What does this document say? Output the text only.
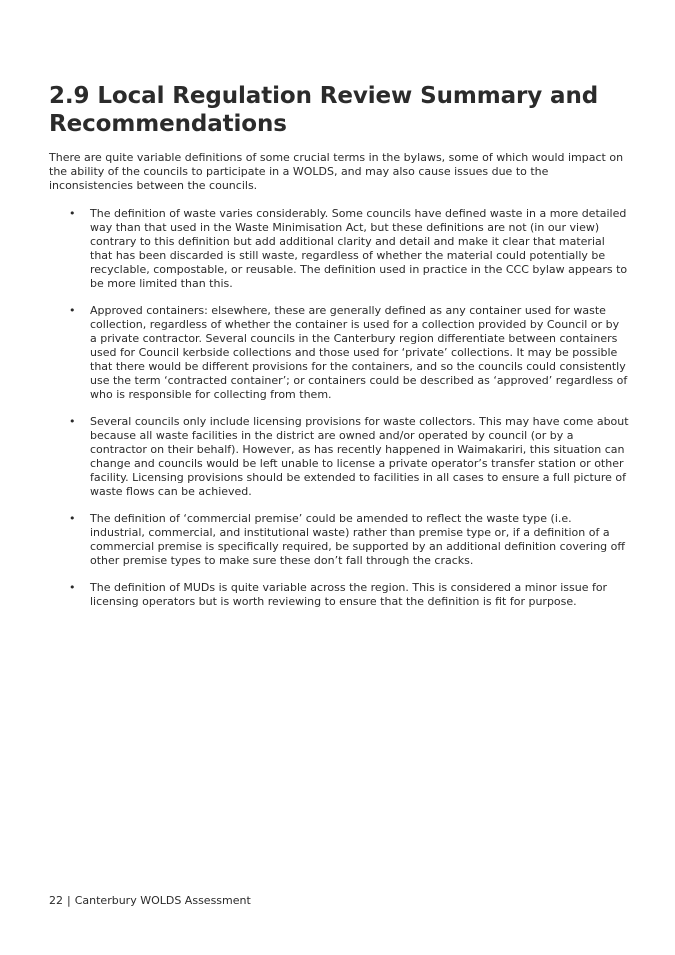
2.9 Local Regulation Review Summary and Recommendations

There are quite variable definitions of some crucial terms in the bylaws, some of which would impact on the ability of the councils to participate in a WOLDS, and may also cause issues due to the inconsistencies between the councils.

• The definition of waste varies considerably. Some councils have defined waste in a more detailed way than that used in the Waste Minimisation Act, but these definitions are not (in our view) contrary to this definition but add additional clarity and detail and make it clear that material that has been discarded is still waste, regardless of whether the material could potentially be recyclable, compostable, or reusable. The definition used in practice in the CCC bylaw appears to be more limited than this.
• Approved containers: elsewhere, these are generally defined as any container used for waste collection, regardless of whether the container is used for a collection provided by Council or by a private contractor. Several councils in the Canterbury region differentiate between containers used for Council kerbside collections and those used for ‘private’ collections. It may be possible that there would be different provisions for the containers, and so the councils could consistently use the term ‘contracted container’; or containers could be described as ‘approved’ regardless of who is responsible for collecting from them.
• Several councils only include licensing provisions for waste collectors. This may have come about because all waste facilities in the district are owned and/or operated by council (or by a contractor on their behalf). However, as has recently happened in Waimakariri, this situation can change and councils would be left unable to license a private operator’s transfer station or other facility. Licensing provisions should be extended to facilities in all cases to ensure a full picture of waste flows can be achieved.
• The definition of ‘commercial premise’ could be amended to reflect the waste type (i.e. industrial, commercial, and institutional waste) rather than premise type or, if a definition of a commercial premise is specifically required, be supported by an additional definition covering off other premise types to make sure these don’t fall through the cracks.
• The definition of MUDs is quite variable across the region. This is considered a minor issue for licensing operators but is worth reviewing to ensure that the definition is fit for purpose.
22 | Canterbury WOLDS Assessment
